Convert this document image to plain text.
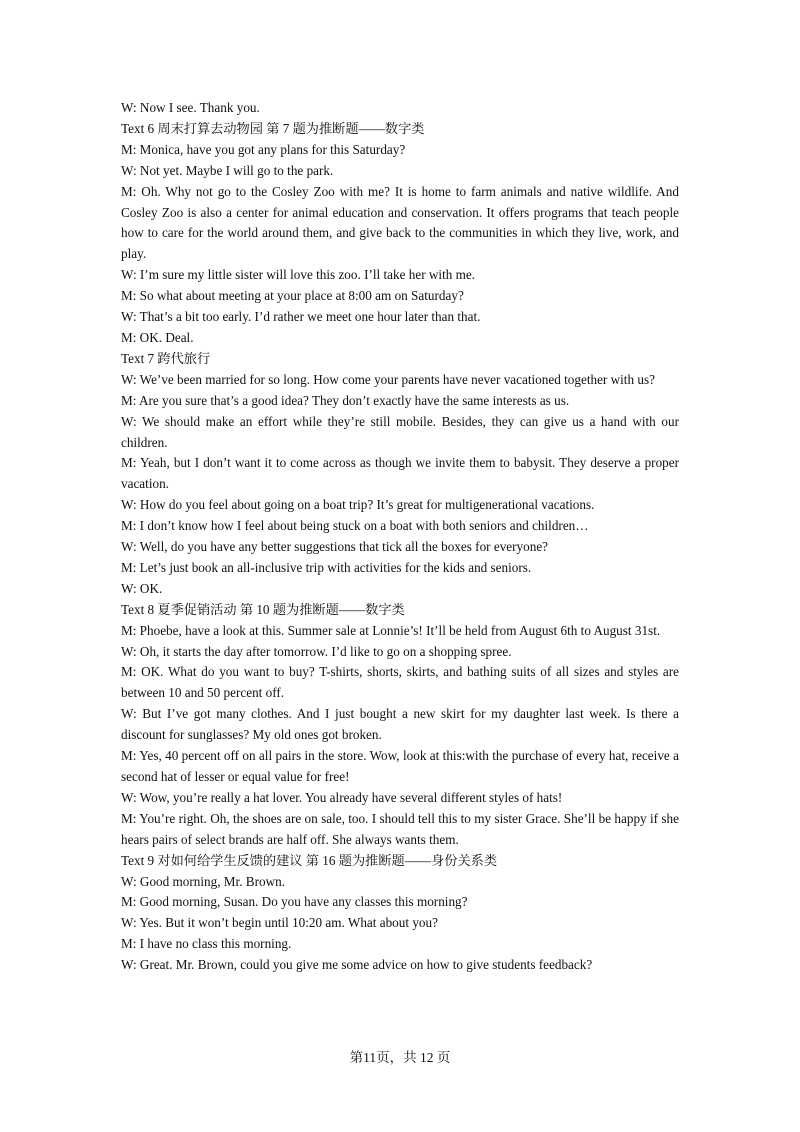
W: Now I see. Thank you.
Text 6 周末打算去动物园 第 7 题为推断题——数字类
M: Monica, have you got any plans for this Saturday?
W: Not yet. Maybe I will go to the park.
M: Oh. Why not go to the Cosley Zoo with me? It is home to farm animals and native wildlife. And Cosley Zoo is also a center for animal education and conservation. It offers programs that teach people how to care for the world around them, and give back to the communities in which they live, work, and play.
W: I’m sure my little sister will love this zoo. I’ll take her with me.
M: So what about meeting at your place at 8:00 am on Saturday?
W: That’s a bit too early. I’d rather we meet one hour later than that.
M: OK. Deal.
Text 7 跨代旅行
W: We’ve been married for so long. How come your parents have never vacationed together with us?
M: Are you sure that’s a good idea? They don’t exactly have the same interests as us.
W: We should make an effort while they’re still mobile. Besides, they can give us a hand with our children.
M: Yeah, but I don’t want it to come across as though we invite them to babysit. They deserve a proper vacation.
W: How do you feel about going on a boat trip? It’s great for multigenerational vacations.
M: I don’t know how I feel about being stuck on a boat with both seniors and children…
W: Well, do you have any better suggestions that tick all the boxes for everyone?
M: Let’s just book an all-inclusive trip with activities for the kids and seniors.
W: OK.
Text 8 夏季促销活动 第 10 题为推断题——数字类
M: Phoebe, have a look at this. Summer sale at Lonnie’s! It’ll be held from August 6th to August 31st.
W: Oh, it starts the day after tomorrow. I’d like to go on a shopping spree.
M: OK. What do you want to buy? T-shirts, shorts, skirts, and bathing suits of all sizes and styles are between 10 and 50 percent off.
W: But I’ve got many clothes. And I just bought a new skirt for my daughter last week. Is there a discount for sunglasses? My old ones got broken.
M: Yes, 40 percent off on all pairs in the store. Wow, look at this:with the purchase of every hat, receive a second hat of lesser or equal value for free!
W: Wow, you’re really a hat lover. You already have several different styles of hats!
M: You’re right. Oh, the shoes are on sale, too. I should tell this to my sister Grace. She’ll be happy if she hears pairs of select brands are half off. She always wants them.
Text 9 对如何给学生反馈的建议 第 16 题为推断题——身份关系类
W: Good morning, Mr. Brown.
M: Good morning, Susan. Do you have any classes this morning?
W: Yes. But it won’t begin until 10:20 am. What about you?
M: I have no class this morning.
W: Great. Mr. Brown, could you give me some advice on how to give students feedback?
第11页，共 12 页
